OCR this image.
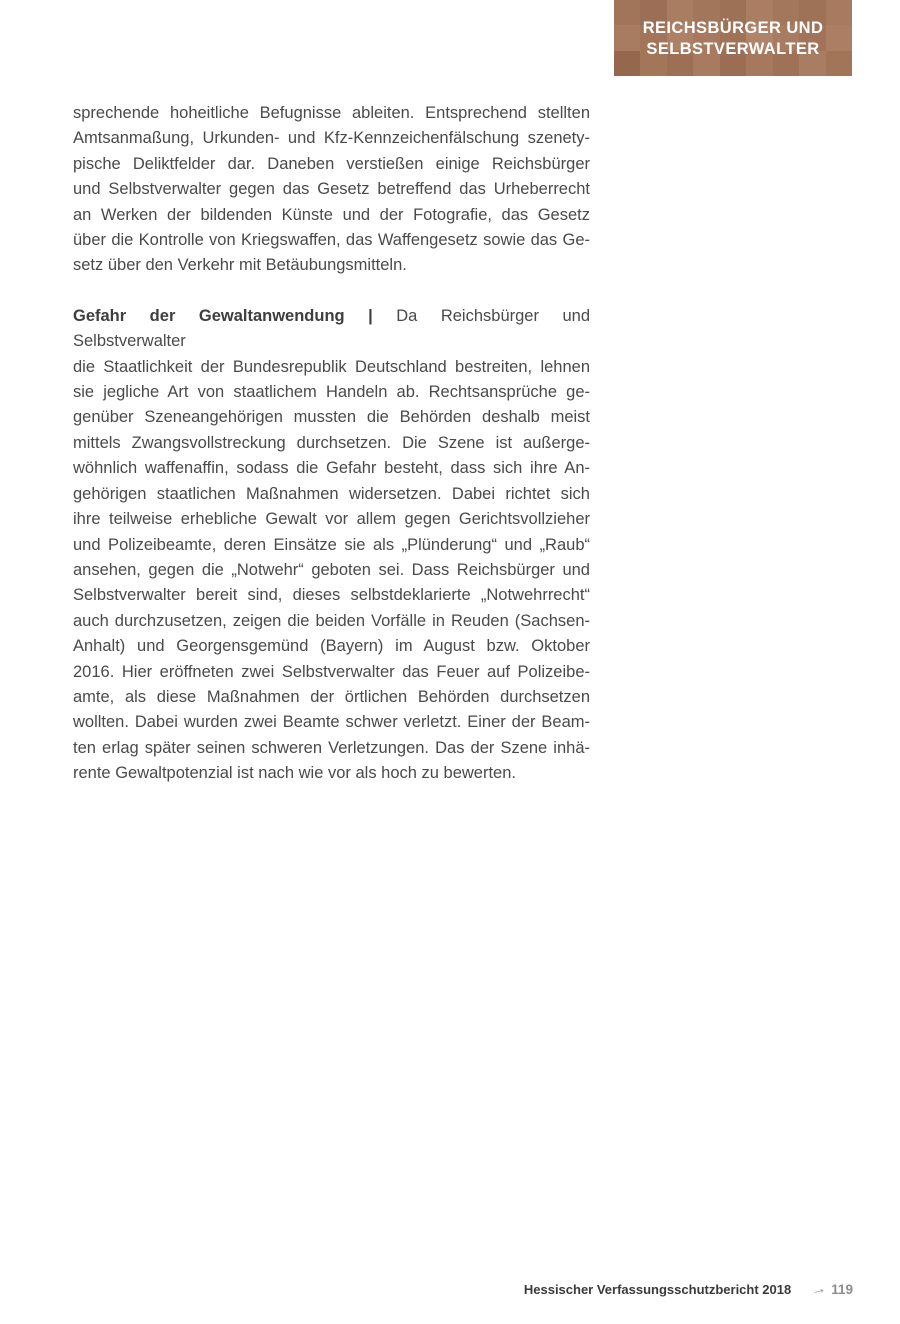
REICHSBÜRGER UND
SELBSTVERWALTER
sprechende hoheitliche Befugnisse ableiten. Entsprechend stellten
Amtsanmaßung, Urkunden- und Kfz-Kennzeichenfälschung szenety-
pische Deliktfelder dar. Daneben verstießen einige Reichsbürger
und Selbstverwalter gegen das Gesetz betreffend das Urheberrecht
an Werken der bildenden Künste und der Fotografie, das Gesetz
über die Kontrolle von Kriegswaffen, das Waffengesetz sowie das Ge-
setz über den Verkehr mit Betäubungsmitteln.
Gefahr der Gewaltanwendung | Da Reichsbürger und Selbstverwalter
die Staatlichkeit der Bundesrepublik Deutschland bestreiten, lehnen
sie jegliche Art von staatlichem Handeln ab. Rechtsansprüche ge-
genüber Szeneangehörigen mussten die Behörden deshalb meist
mittels Zwangsvollstreckung durchsetzen. Die Szene ist außerge-
wöhnlich waffenaffin, sodass die Gefahr besteht, dass sich ihre An-
gehörigen staatlichen Maßnahmen widersetzen. Dabei richtet sich
ihre teilweise erhebliche Gewalt vor allem gegen Gerichtsvollzieher
und Polizeibeamte, deren Einsätze sie als „Plünderung“ und „Raub“
ansehen, gegen die „Notwehr“ geboten sei. Dass Reichsbürger und
Selbstverwalter bereit sind, dieses selbstdeklarierte „Notwehrrecht“
auch durchzusetzen, zeigen die beiden Vorfälle in Reuden (Sachsen-
Anhalt) und Georgensgemünd (Bayern) im August bzw. Oktober
2016. Hier eröffneten zwei Selbstverwalter das Feuer auf Polizeibe-
amte, als diese Maßnahmen der örtlichen Behörden durchsetzen
wollten. Dabei wurden zwei Beamte schwer verletzt. Einer der Beam-
ten erlag später seinen schweren Verletzungen. Das der Szene inhä-
rente Gewaltpotenzial ist nach wie vor als hoch zu bewerten.
Hessischer Verfassungsschutzbericht 2018 → 119
